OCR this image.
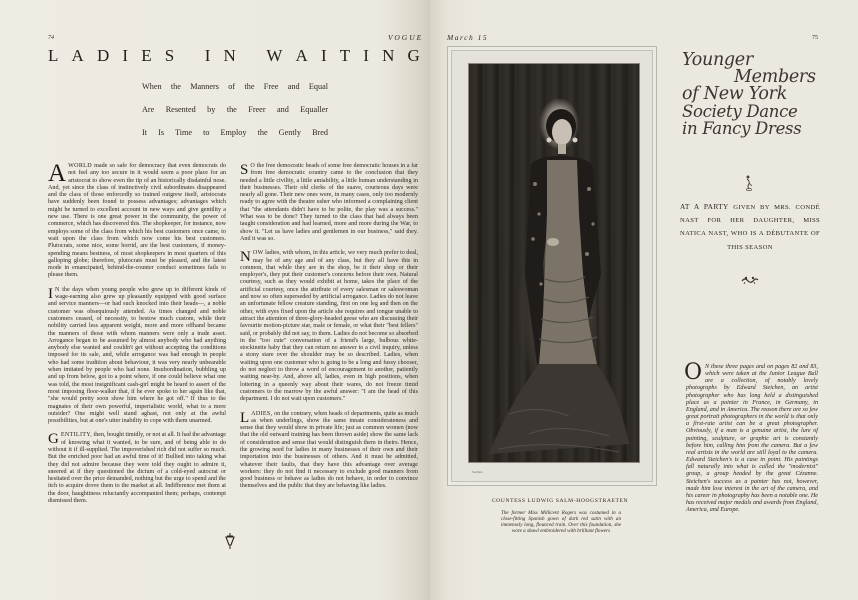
74	VOGUE
L A D I E S
I N
W A I T I N G
When the Manners of the Free and Equal
Are Resented by the Freer and Equaller
It Is Time to Employ the Gently Bred

AWORLD made so safe for democracy that even democrats do not feel any too secure in it would seem a poor place for an aristocrat to show even the tip of an historically disdainful nose. And, yet since the class of instinctively civil subordinates disappeared and the class of those enforcedly so trained outgrew itself, aristocrats have suddenly been found to possess advantages; advantages which might be turned to excellent account in new ways and give gentility a new use. There is one great power in the community, the power of commerce, which has discovered this. The shopkeeper, for instance, now employs some of the class from which his best customers once came, to wait upon the class from which now come his best customers. Plutocrats, some nice, some horrid, are the best customers, if money-spending means bestness, of most shopkeepers in most quarters of this galloping globe; therefore, plutocrats must be pleased, and the latest mode in emancipated, behind-the-counter conduct sometimes fails to please them.

I N the days when young people who grew up to different kinds of wage-earning also grew up pleasantly equipped with good surface and service manners—or had such knocked into their heads—, a noble customer was obsequiously attended. As times changed and noble customers ceased, of necessity, to bestow much custom, while their nobility carried less apparent weight, more and more offhand became the manners of those with whom manners were only a trade asset. Arrogance began to be assumed by almost anybody who had anything anybody else wanted and couldn't get without accepting the conditions imposed for its sale, and, while arrogance was bad enough in people who had some tradition about behaviour, it was very nearly unbearable when imitated by people who had none. Insubordination, bubbling up and up from below, got to a point where, if one could believe what one was told, the most insignificant cash-girl might be heard to assert of the most imposing floor-walker that, if he ever spoke to her again like that, "she would pretty soon show him where he got off." If thus to the magnates of their own powerful, imperialistic world, what to a mere outsider? One might well stand aghast, not only at the awful possibilities, but at one's utter inability to cope with them unarmed.

GENTILITY, then, bought timidly, or not at all. It had the advantage of knowing what it wanted, to be sure, and of being able to do without it if ill-supplied. The impoverished rich did not suffer so much. But the enriched poor had an awful time of it! Bullied into taking what they did not admire because they were told they ought to admire it, sneered at if they questioned the dictum of a cold-eyed autocrat or hesitated over the price demanded, nothing but the urge to spend and the itch to acquire drove them to the market at all. Indifference met them at the door, haughtiness reluctantly accompanied them; perhaps, contempt dismissed them.

S O the free democratic heads of some free democratic houses in a far from free democratic country came to the conclusion that they needed a little civility, a little amiability, a little human understanding in their businesses. Their old clerks of the suave, courteous days were nearly all gone. Their new ones were, in many cases, only too modernly ready to agree with the theatre usher who informed a complaining client that "the attendants didn't have to be polite, the play was a success." What was to be done? They turned to the class that had always been taught consideration and had learned, more and more during the War, to show it. "Let us have ladies and gentlemen in our business," said they. And it was so.

NOW ladies, with whom, in this article, we very much prefer to deal, may be of any age and of any class, but they all have this in common, that while they are in the shop, be it their shop or their employer's, they put their customer's concerns before their own. Natural courtesy, such as they would exhibit at home, takes the place of the artificial courtesy, once the attribute of every salesman or saleswoman and now so often superseded by artificial arrogance. Ladies do not leave an unfortunate fellow creature standing, first on one leg and then on the other, with eyes fixed upon the article she requires and tongue unable to attract the attention of three-glory-headed geese who are discussing their favourite motion-picture star, male or female, or what their "best fellers" said, or probably did not say, to them. Ladies do not become so absorbed in the "too cute" conversation of a friend's large, bulbous white-stockinette baby that they can return no answer to a civil inquiry, unless a stony stare over the shoulder may be so described. Ladies, when waiting upon one customer who is going to be a long and fussy chooser, do not neglect to throw a word of encouragement to another, patiently waiting near-by. And, above all, ladies, even in high positions, when loitering in a queenly way about their wares, do not freeze timid customers to the marrow by the awful answer: "I am the head of this department. I do not wait upon customers."

LADIES, on the contrary, when heads of departments, quite as much as when underlings, show the same innate considerateness and sense that they would show in private life; just as common women (now that the old outward training has been thrown aside) show the same lack of consideration and sense that would distinguish them in theirs. Hence, the growing need for ladies in many businesses of their own and their importation into the businesses of others. And it must be admitted, whatever their faults, that they have this advantage over average workers: they do not find it necessary to exclude good manners from good business or behave as ladies do not behave, in order to convince themselves and the public that they are behaving like ladies.

March 15	75
Steichen
COUNTESS LUDWIG SALM-HOOGSTRAETEN
The former Miss Millicent Rogers was costumed in a close-fitting Spanish gown of dark red satin with an immensely long, flounced train. Over this foundation, she wore a shawl embroidered with brilliant flowers
Younger
Members
of New York
Society Dance
in Fancy Dress
AT A PARTY GIVEN BY MRS. CONDÉ NAST FOR HER DAUGHTER, MISS NATICA NAST, WHO IS A DÉBUTANTE OF THIS SEASON
O N these three pages and on pages 82 and 83, which were taken at the Junior League Ball are a collection, of notably lovely photographs by Edward Steichen, an artist photographer who has long held a distinguished place as a painter in France, in Germany, in England, and in America. The reason there are so few great portrait photographers in the world is that only a first-rate artist can be a great photographer. Obviously, if a man is a genuine artist, the lure of painting, sculpture, or graphic art is constantly before him, calling him from the camera. But a few real artists in the world are still loyal to the camera. Edward Steichen's is a case in point. His paintings fall naturally into what is called the "modernist" group, a group headed by the great Cézanne. Steichen's success as a painter has not, however, made him lose interest in the art of the camera, and his career in photography has been a notable one. He has received major medals and awards from England, America, and Europe.
